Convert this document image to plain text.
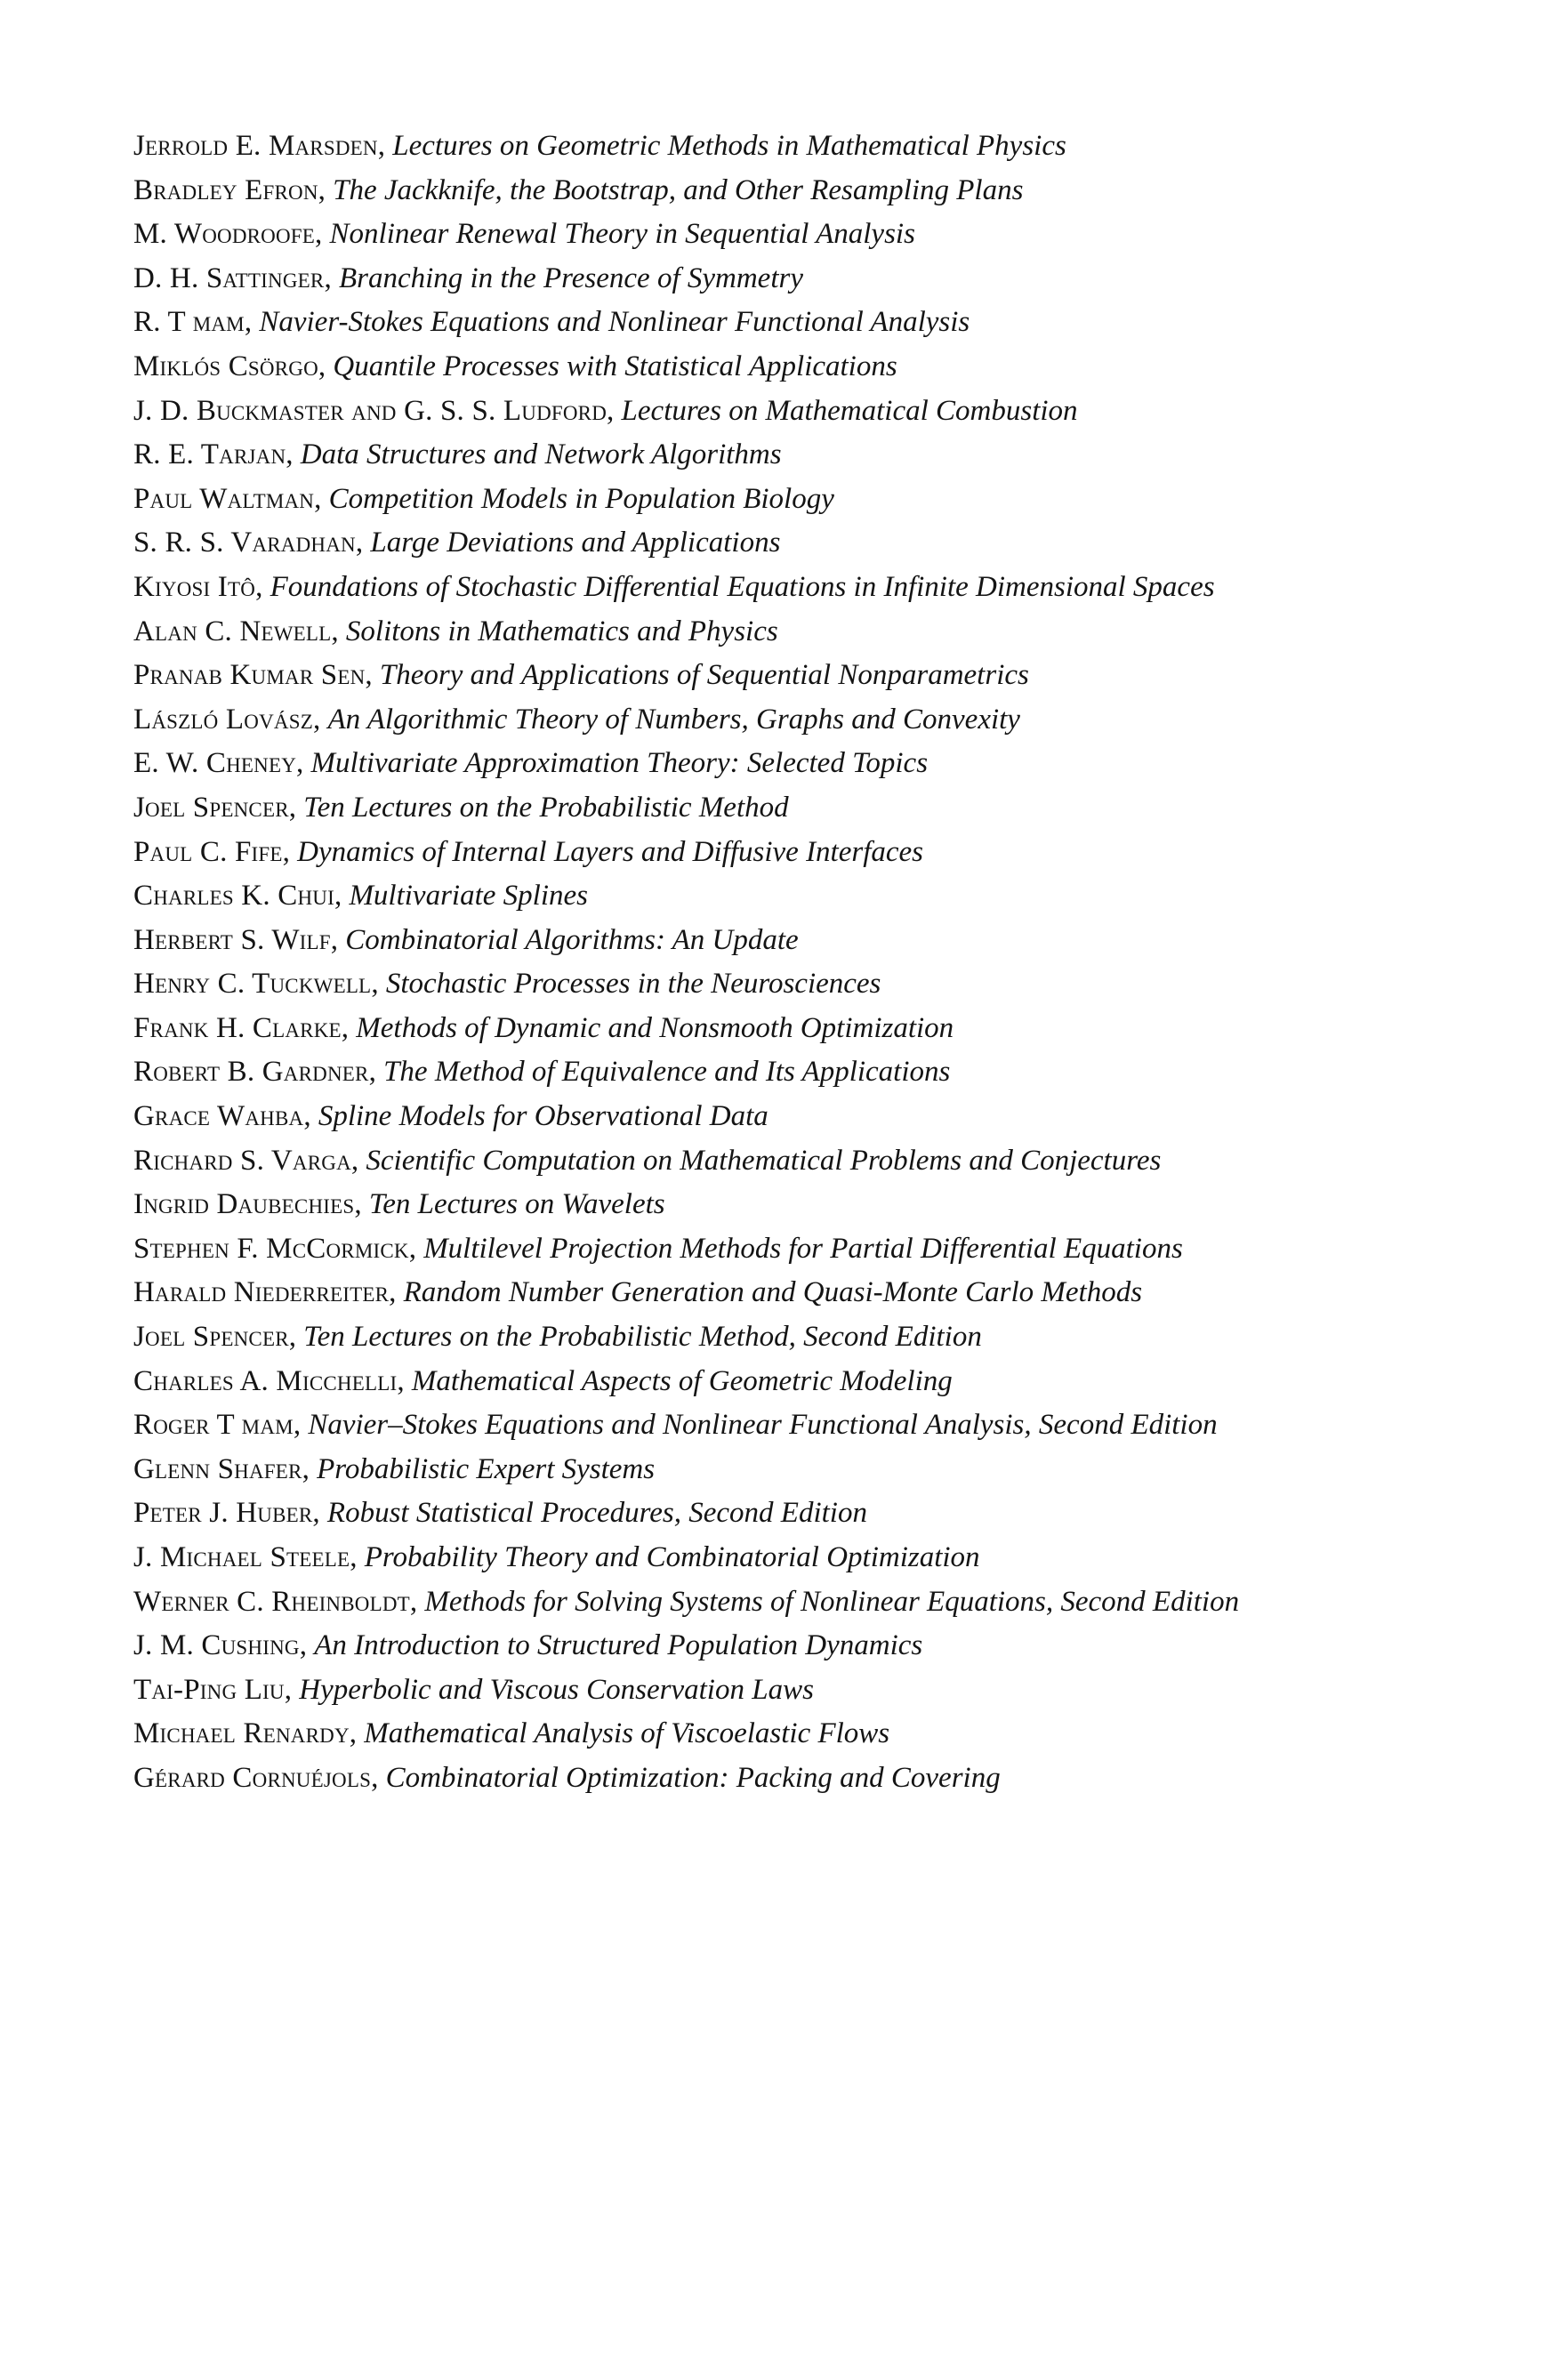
Jerrold E. Marsden, Lectures on Geometric Methods in Mathematical Physics
Bradley Efron, The Jackknife, the Bootstrap, and Other Resampling Plans
M. Woodroofe, Nonlinear Renewal Theory in Sequential Analysis
D. H. Sattinger, Branching in the Presence of Symmetry
R. T mam, Navier-Stokes Equations and Nonlinear Functional Analysis
Miklós Csörgo, Quantile Processes with Statistical Applications
J. D. Buckmaster and G. S. S. Ludford, Lectures on Mathematical Combustion
R. E. Tarjan, Data Structures and Network Algorithms
Paul Waltman, Competition Models in Population Biology
S. R. S. Varadhan, Large Deviations and Applications
Kiyosi Itô, Foundations of Stochastic Differential Equations in Infinite Dimensional Spaces
Alan C. Newell, Solitons in Mathematics and Physics
Pranab Kumar Sen, Theory and Applications of Sequential Nonparametrics
László Lovász, An Algorithmic Theory of Numbers, Graphs and Convexity
E. W. Cheney, Multivariate Approximation Theory: Selected Topics
Joel Spencer, Ten Lectures on the Probabilistic Method
Paul C. Fife, Dynamics of Internal Layers and Diffusive Interfaces
Charles K. Chui, Multivariate Splines
Herbert S. Wilf, Combinatorial Algorithms: An Update
Henry C. Tuckwell, Stochastic Processes in the Neurosciences
Frank H. Clarke, Methods of Dynamic and Nonsmooth Optimization
Robert B. Gardner, The Method of Equivalence and Its Applications
Grace Wahba, Spline Models for Observational Data
Richard S. Varga, Scientific Computation on Mathematical Problems and Conjectures
Ingrid Daubechies, Ten Lectures on Wavelets
Stephen F. McCormick, Multilevel Projection Methods for Partial Differential Equations
Harald Niederreiter, Random Number Generation and Quasi-Monte Carlo Methods
Joel Spencer, Ten Lectures on the Probabilistic Method, Second Edition
Charles A. Micchelli, Mathematical Aspects of Geometric Modeling
Roger T mam, Navier–Stokes Equations and Nonlinear Functional Analysis, Second Edition
Glenn Shafer, Probabilistic Expert Systems
Peter J. Huber, Robust Statistical Procedures, Second Edition
J. Michael Steele, Probability Theory and Combinatorial Optimization
Werner C. Rheinboldt, Methods for Solving Systems of Nonlinear Equations, Second Edition
J. M. Cushing, An Introduction to Structured Population Dynamics
Tai-Ping Liu, Hyperbolic and Viscous Conservation Laws
Michael Renardy, Mathematical Analysis of Viscoelastic Flows
Gérard Cornuéjols, Combinatorial Optimization: Packing and Covering
